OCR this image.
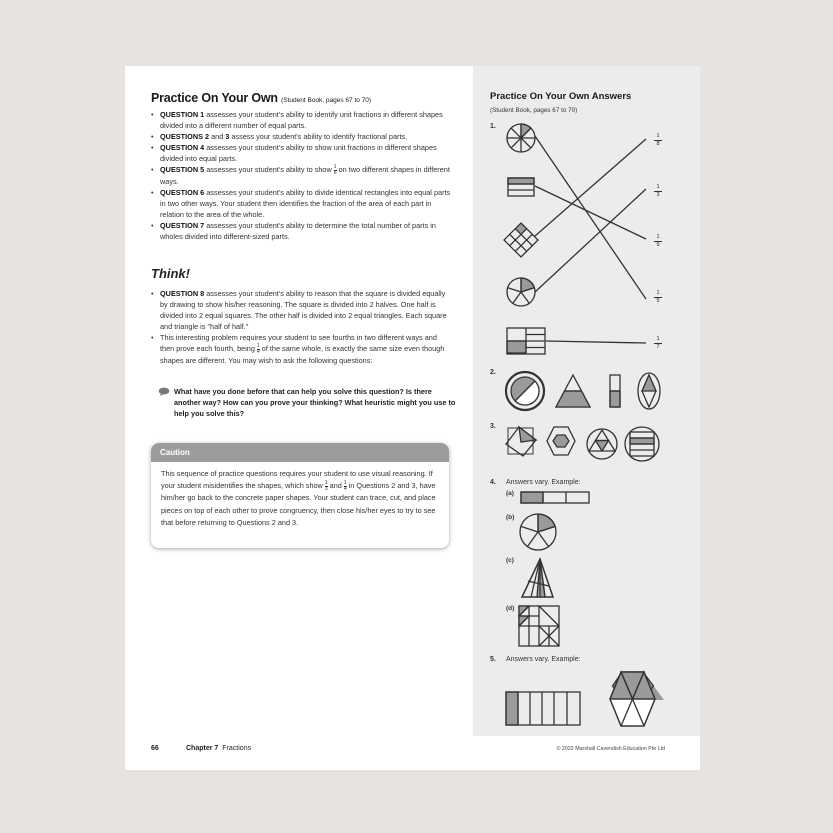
Practice On Your Own (Student Book, pages 67 to 70)
• QUESTION 1 assesses your student's ability to identify unit fractions in different shapes divided into a different number of equal parts.
• QUESTIONS 2 and 3 assess your student's ability to identify fractional parts.
• QUESTION 4 assesses your student's ability to show unit fractions in different shapes divided into equal parts.
• QUESTION 5 assesses your student's ability to show $\frac{1}{6}$ on two different shapes in different ways.
• QUESTION 6 assesses your student's ability to divide identical rectangles into equal parts in two other ways. Your student then identifies the fraction of the area of each part in relation to the area of the whole.
• QUESTION 7 assesses your student's ability to determine the total number of parts in wholes divided into different-sized parts.
Think!
• QUESTION 8 assesses your student's ability to reason that the square is divided equally by drawing to show his/her reasoning. The square is divided into 2 halves. One half is divided into 2 equal squares. The other half is divided into 2 equal triangles. Each square and triangle is "half of half."
• This interesting problem requires your student to see fourths in two different ways and then prove each fourth, being $\frac{1}{4}$ of the same whole, is exactly the same size even though shapes are different. You may wish to ask the following questions:
What have you done before that can help you solve this question? Is there another way? How can you prove your thinking? What heuristic might you use to help you solve this?
Caution
This sequence of practice questions requires your student to use visual reasoning. If your student misidentifies the shapes, which show $\frac{1}{3}$ and $\frac{1}{4}$ in Questions 2 and 3, have him/her go back to the concrete paper shapes. Your student can trace, cut, and place pieces on top of each other to prove congruency, then close his/her eyes to try to see that before returning to Questions 2 and 3.
66	Chapter 7 Fractions	© 2022 Marshall Cavendish Education Pte Ltd
Practice On Your Own Answers
(Student Book, pages 67 to 70)
1.
$\frac{1}{8}$
$\frac{1}{3}$
$\frac{1}{9}$
$\frac{1}{5}$
$\frac{1}{7}$
2.
3.
4. Answers vary. Example:
(a)
(b)
(c)
(d)
5. Answers vary. Example:
